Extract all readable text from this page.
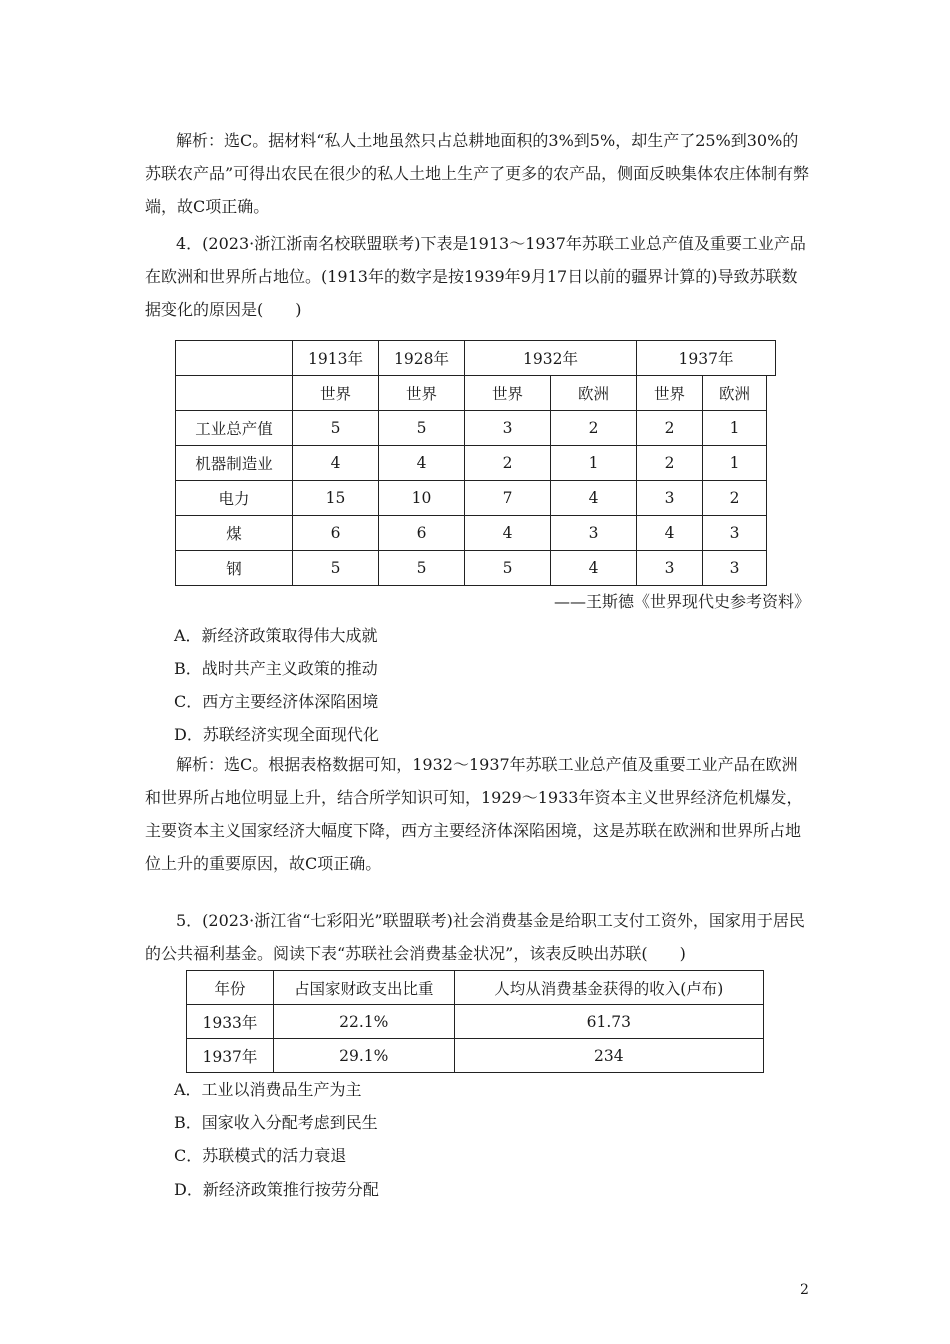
解析：选C。据材料“私人土地虽然只占总耕地面积的3%到5%，却生产了25%到30%的苏联农产品”可得出农民在很少的私人土地上生产了更多的农产品，侧面反映集体农庄体制有弊端，故C项正确。

4．(2023·浙江浙南名校联盟联考)下表是1913～1937年苏联工业总产值及重要工业产品在欧洲和世界所占地位。(1913年的数字是按1939年9月17日以前的疆界计算的)导致苏联数据变化的原因是(　　)

	1913年	1928年	1932年		1937年		
	世界	世界	世界	欧洲	世界	欧洲	
工业总产值	5	5	3	2	2	1	
机器制造业	4	4	2	1	2	1	
电力	15	10	7	4	3	2	
煤	6	6	4	3	4	3	
钢	5	5	5	4	3	3	
——王斯德《世界现代史参考资料》

A．新经济政策取得伟大成就

B．战时共产主义政策的推动

C．西方主要经济体深陷困境

D．苏联经济实现全面现代化

解析：选C。根据表格数据可知，1932～1937年苏联工业总产值及重要工业产品在欧洲和世界所占地位明显上升，结合所学知识可知，1929～1933年资本主义世界经济危机爆发，主要资本主义国家经济大幅度下降，西方主要经济体深陷困境，这是苏联在欧洲和世界所占地位上升的重要原因，故C项正确。

5．(2023·浙江省“七彩阳光”联盟联考)社会消费基金是给职工支付工资外，国家用于居民的公共福利基金。阅读下表“苏联社会消费基金状况”，该表反映出苏联(　　)

年份	占国家财政支出比重	人均从消费基金获得的收入(卢布)
1933年	22.1%	61.73
1937年	29.1%	234

A．工业以消费品生产为主

B．国家收入分配考虑到民生

C．苏联模式的活力衰退

D．新经济政策推行按劳分配

2
